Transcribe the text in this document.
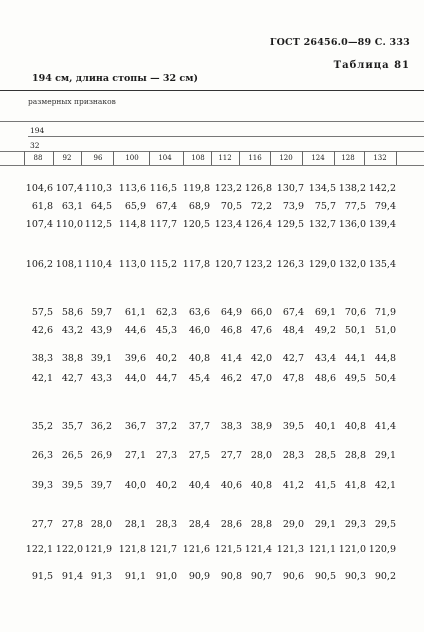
ГОСТ 26456.0—89 С. 333
Таблица 81
194 см, длина стопы — 32 см)
размерных признаков
194
32
88	92	96	100	104	108	112	116	120	124	128	132
104,6 107,4 110,3 113,6 116,5 119,8 123,2 126,8 130,7 134,5 138,2 142,2
61,8 63,1 64,5	65,9	67,4	68,9	70,5 72,2	73,9	75,7 77,5 79,4
107,4 110,0 112,5 114,8 117,7 120,5 123,4 126,4 129,5 132,7 136,0 139,4
106,2 108,1 110,4 113,0 115,2 117,8 120,7 123,2 126,3 129,0 132,0 135,4
57,5 58,6 59,7	61,1	62,3	63,6	64,9 66,0	67,4	69,1 70,6 71,9
42,6 43,2 43,9	44,6	45,3	46,0	46,8 47,6	48,4	49,2 50,1 51,0
38,3 38,8 39,1	39,6	40,2	40,8	41,4 42,0	42,7	43,4 44,1 44,8
42,1 42,7 43,3	44,0	44,7	45,4	46,2 47,0	47,8	48,6 49,5 50,4
35,2 35,7 36,2	36,7	37,2	37,7	38,3 38,9	39,5	40,1 40,8 41,4
26,3 26,5 26,9	27,1	27,3	27,5	27,7 28,0	28,3	28,5 28,8 29,1
39,3 39,5 39,7	40,0	40,2	40,4	40,6 40,8	41,2	41,5 41,8 42,1
27,7 27,8 28,0	28,1	28,3	28,4	28,6 28,8	29,0	29,1 29,3 29,5
122,1 122,0 121,9 121,8 121,7 121,6 121,5 121,4 121,3 121,1 121,0 120,9
91,5 91,4 91,3	91,1	91,0	90,9	90,8 90,7	90,6	90,5 90,3 90,2
